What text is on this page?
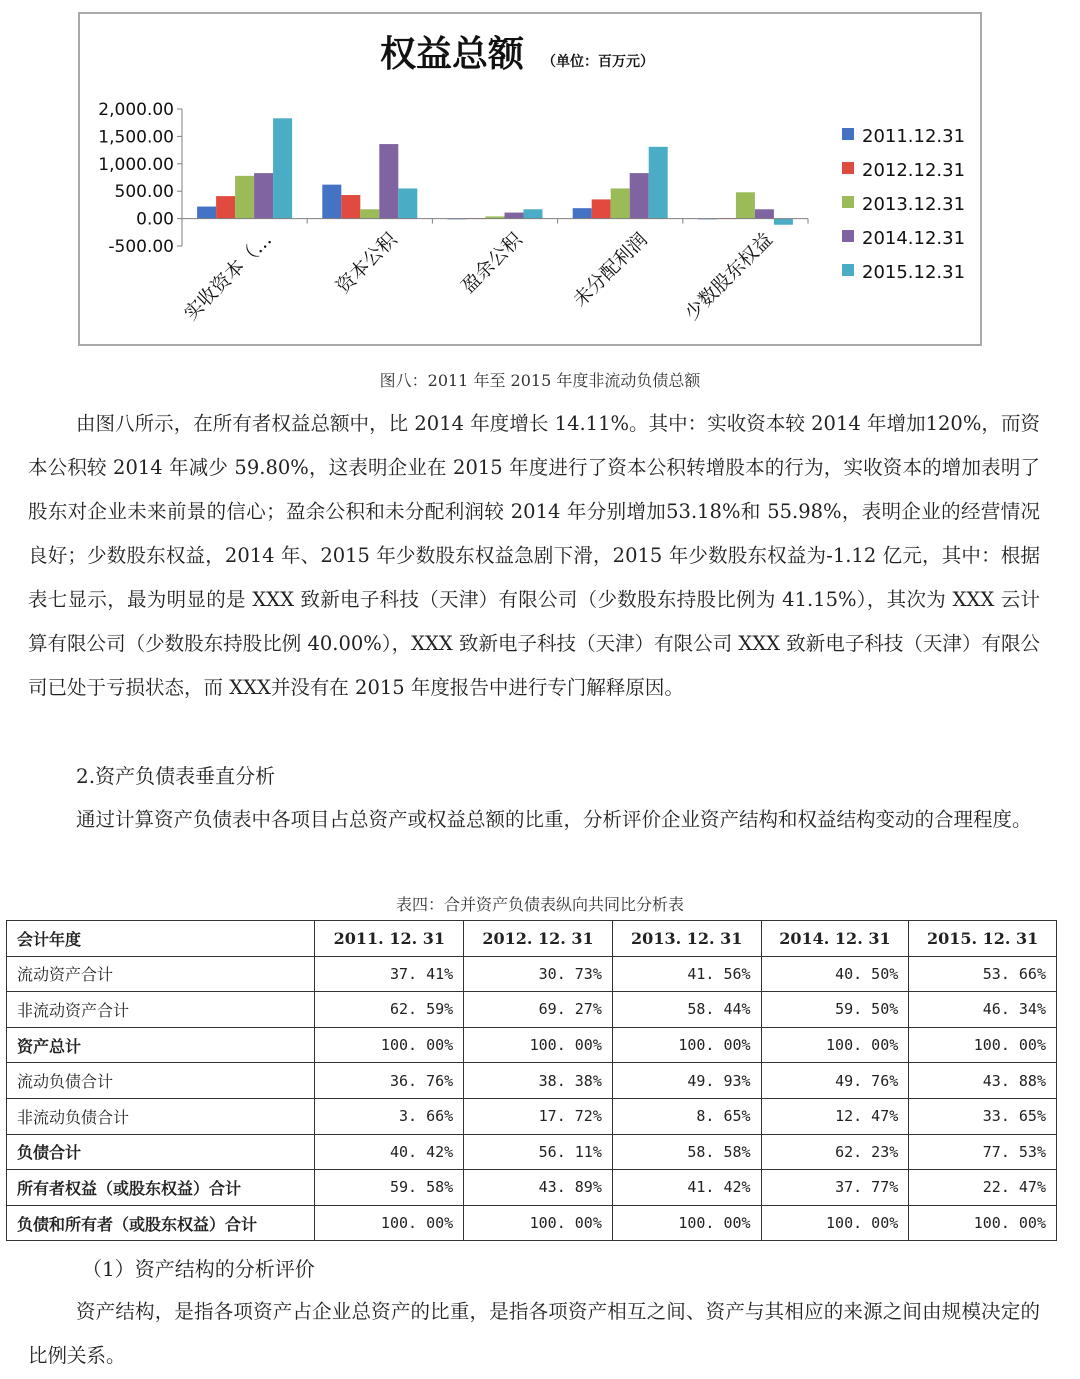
权益总额 （单位：百万元）
-500.00
0.00
500.00
1,000.00
1,500.00
2,000.00
实收资本（…	资本公积	盈余公积 未分配利润 少数股东权益
2011.12.31
2012.12.31
2013.12.31
2014.12.31
2015.12.31
图八：2011 年至 2015 年度非流动负债总额

由图八所示，在所有者权益总额中，比 2014 年度增长 14.11%。其中：实收资本较 2014 年增加120%，而资本公积较 2014 年减少 59.80%，这表明企业在 2015 年度进行了资本公积转增股本的行为，实收资本的增加表明了股东对企业未来前景的信心；盈余公积和未分配利润较 2014 年分别增加53.18%和 55.98%，表明企业的经营情况良好；少数股东权益，2014 年、2015 年少数股东权益急剧下滑，2015 年少数股东权益为-1.12 亿元，其中：根据表七显示，最为明显的是 XXX 致新电子科技（天津）有限公司（少数股东持股比例为 41.15%），其次为 XXX 云计算有限公司（少数股东持股比例 40.00%），XXX 致新电子科技（天津）有限公司 XXX 致新电子科技（天津）有限公司已处于亏损状态，而 XXX并没有在 2015 年度报告中进行专门解释原因。

2.资产负债表垂直分析

通过计算资产负债表中各项目占总资产或权益总额的比重，分析评价企业资产结构和权益结构变动的合理程度。

表四：合并资产负债表纵向共同比分析表
会计年度	2011. 12. 31	2012. 12. 31	2013. 12. 31	2014. 12. 31	2015. 12. 31
流动资产合计	37. 41%	30. 73%	41. 56%	40. 50%	53. 66%
非流动资产合计	62. 59%	69. 27%	58. 44%	59. 50%	46. 34%
资产总计	100. 00%	100. 00%	100. 00%	100. 00%	100. 00%
流动负债合计	36. 76%	38. 38%	49. 93%	49. 76%	43. 88%
非流动负债合计	3. 66%	17. 72%	8. 65%	12. 47%	33. 65%
负债合计	40. 42%	56. 11%	58. 58%	62. 23%	77. 53%
所有者权益（或股东权益）合计	59. 58%	43. 89%	41. 42%	37. 77%	22. 47%
负债和所有者（或股东权益）合计	100. 00%	100. 00%	100. 00%	100. 00%	100. 00%

（1）资产结构的分析评价

资产结构，是指各项资产占企业总资产的比重，是指各项资产相互之间、资产与其相应的来源之间由规模决定的比例关系。
